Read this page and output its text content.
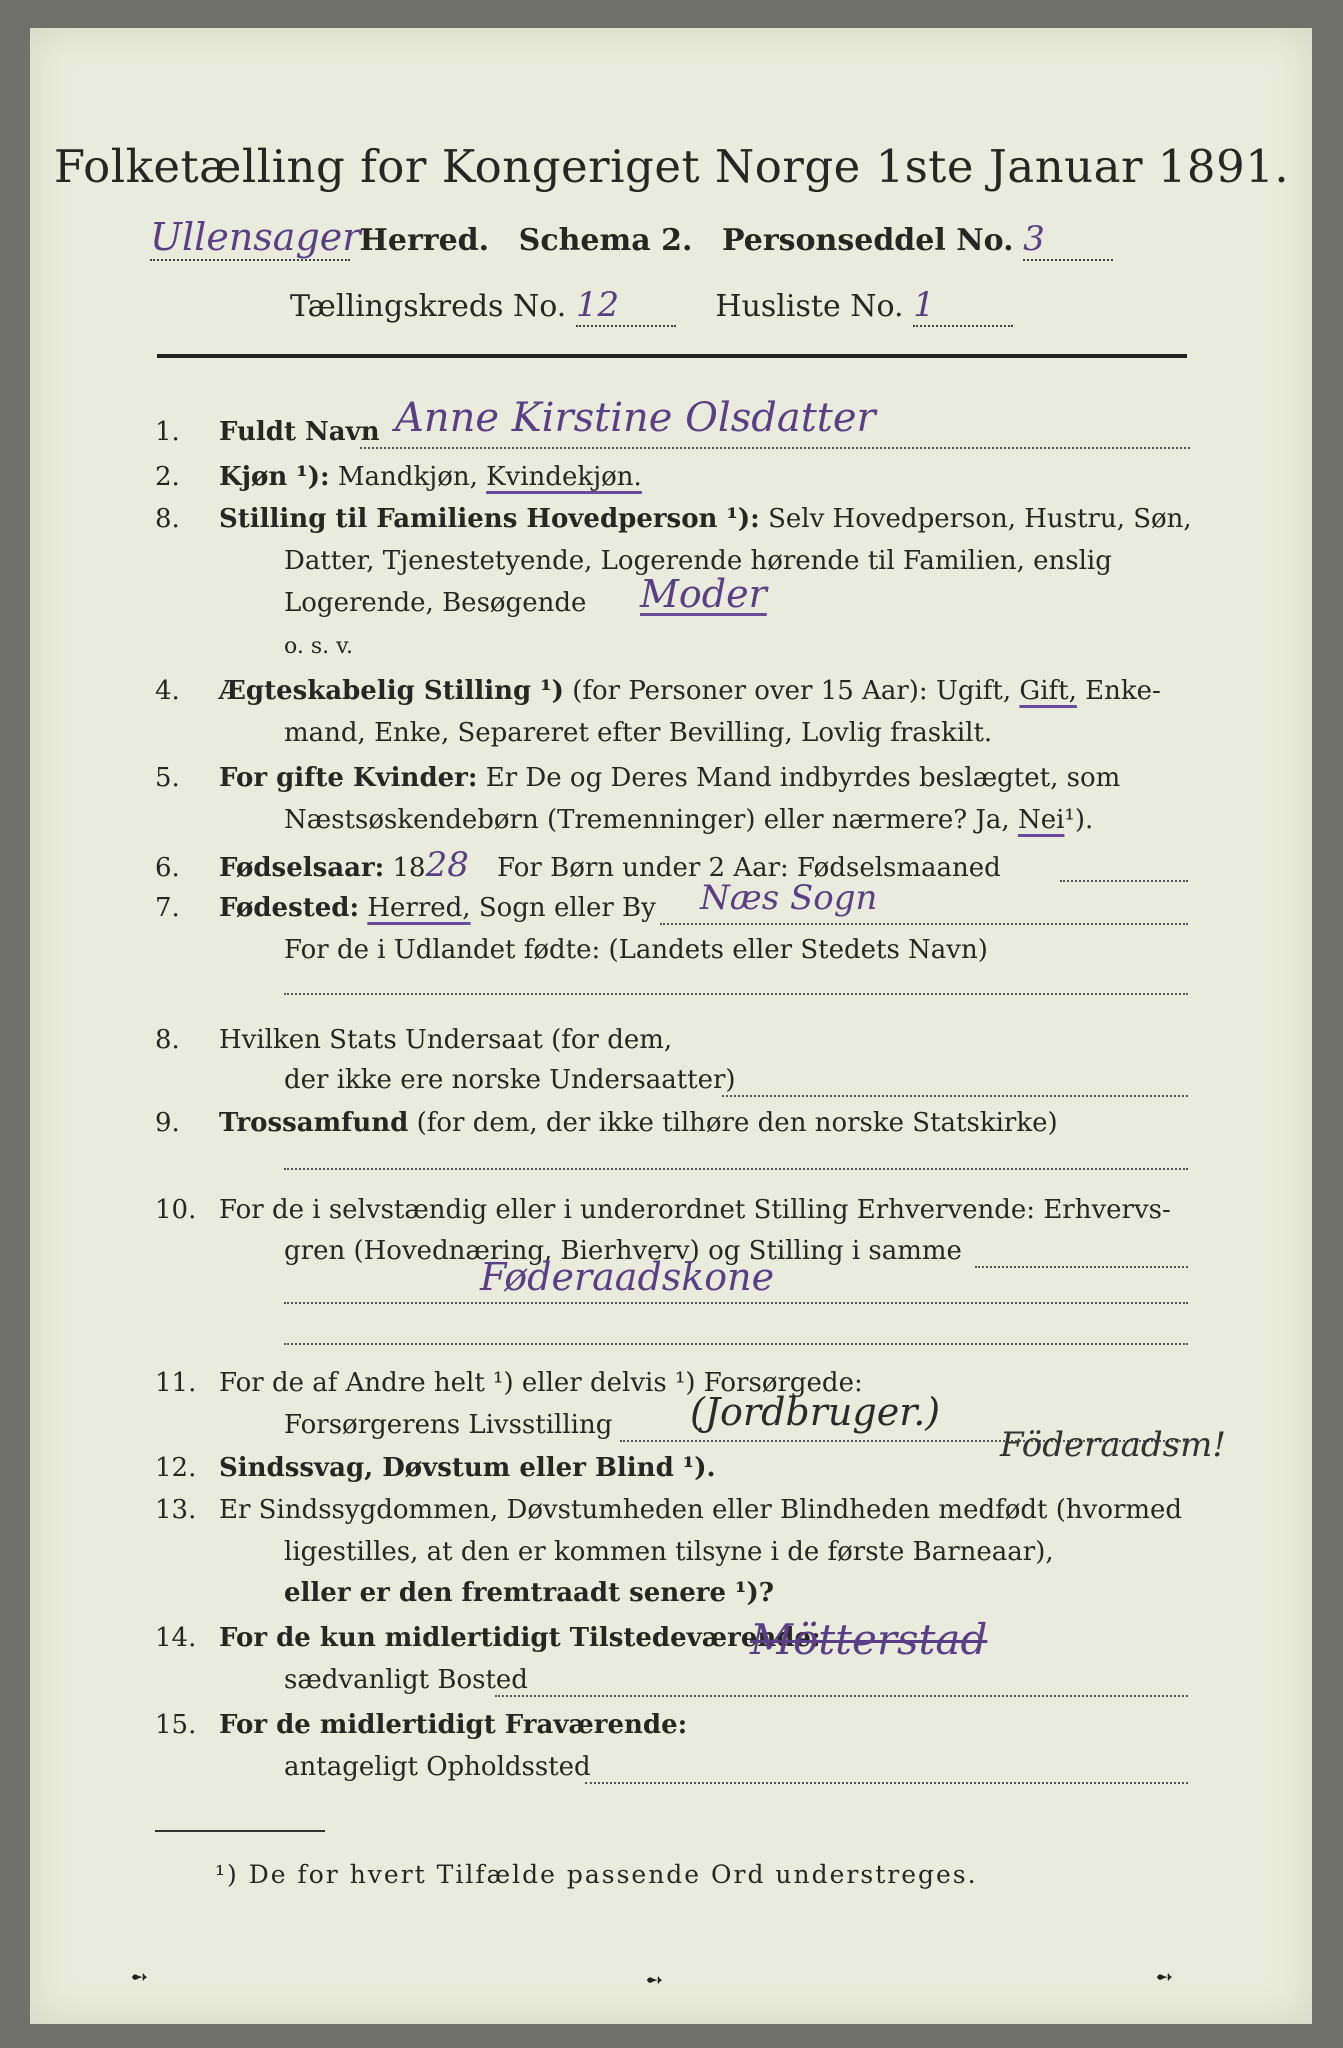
Folketælling for Kongeriget Norge 1ste Januar 1891.
Ullensager Herred. Schema 2. Personseddel No. 3
Tællingskreds No. 12	Husliste No. 1
1. Fuldt Navn Anne Kirstine Olsdatter
2. Kjøn ¹): Mandkjøn, Kvindekjøn.
8. Stilling til Familiens Hovedperson ¹): Selv Hovedperson, Hustru, Søn,
Datter, Tjenestetyende, Logerende hørende til Familien, enslig
Logerende, Besøgende Moder
o. s. v.
4. Ægteskabelig Stilling ¹) (for Personer over 15 Aar): Ugift, Gift, Enke-
mand, Enke, Separeret efter Bevilling, Lovlig fraskilt.
5. For gifte Kvinder: Er De og Deres Mand indbyrdes beslægtet, som
Næstsøskendebørn (Tremenninger) eller nærmere? Ja, Nei¹).
6. Fødselsaar: 1828 For Børn under 2 Aar: Fødselsmaaned
7. Fødested: Herred, Sogn eller By Næs Sogn
For de i Udlandet fødte: (Landets eller Stedets Navn)
8. Hvilken Stats Undersaat (for dem,
der ikke ere norske Undersaatter)
9. Trossamfund (for dem, der ikke tilhøre den norske Statskirke)
10. For de i selvstændig eller i underordnet Stilling Erhvervende: Erhvervs-
gren (Hovednæring, Bierhverv) og Stilling i samme
Føderaadskone
11. For de af Andre helt ¹) eller delvis ¹) Forsørgede:
Forsørgerens Livsstilling (Jordbruger.)
12. Sindssvag, Døvstum eller Blind ¹).
Föderaadsm!
13. Er Sindssygdommen, Døvstumheden eller Blindheden medfødt (hvormed
ligestilles, at den er kommen tilsyne i de første Barneaar),
eller er den fremtraadt senere ¹)?
14. For de kun midlertidigt Tilstedeværende:
sædvanligt Bosted
Mötterstad
15. For de midlertidigt Fraværende:
antageligt Opholdssted
¹) De for hvert Tilfælde passende Ord understreges.
➻	➻	➻
